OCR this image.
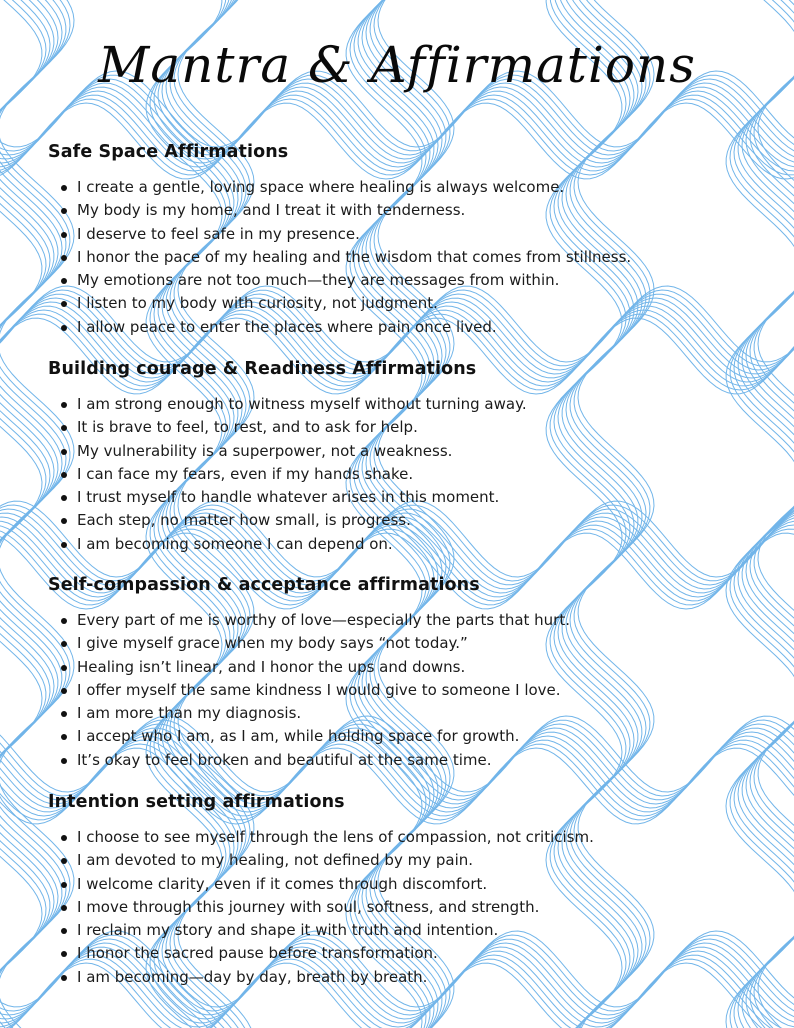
Mantra & Affirmations
Safe Space Affirmations
I create a gentle, loving space where healing is always welcome.
My body is my home, and I treat it with tenderness.
I deserve to feel safe in my presence.
I honor the pace of my healing and the wisdom that comes from stillness.
My emotions are not too much—they are messages from within.
I listen to my body with curiosity, not judgment.
I allow peace to enter the places where pain once lived.
Building courage & Readiness Affirmations
I am strong enough to witness myself without turning away.
It is brave to feel, to rest, and to ask for help.
My vulnerability is a superpower, not a weakness.
I can face my fears, even if my hands shake.
I trust myself to handle whatever arises in this moment.
Each step, no matter how small, is progress.
I am becoming someone I can depend on.
Self-compassion & acceptance affirmations
Every part of me is worthy of love—especially the parts that hurt.
I give myself grace when my body says “not today.”
Healing isn’t linear, and I honor the ups and downs.
I offer myself the same kindness I would give to someone I love.
I am more than my diagnosis.
I accept who I am, as I am, while holding space for growth.
It’s okay to feel broken and beautiful at the same time.
Intention setting affirmations
I choose to see myself through the lens of compassion, not criticism.
I am devoted to my healing, not defined by my pain.
I welcome clarity, even if it comes through discomfort.
I move through this journey with soul, softness, and strength.
I reclaim my story and shape it with truth and intention.
I honor the sacred pause before transformation.
I am becoming—day by day, breath by breath.
